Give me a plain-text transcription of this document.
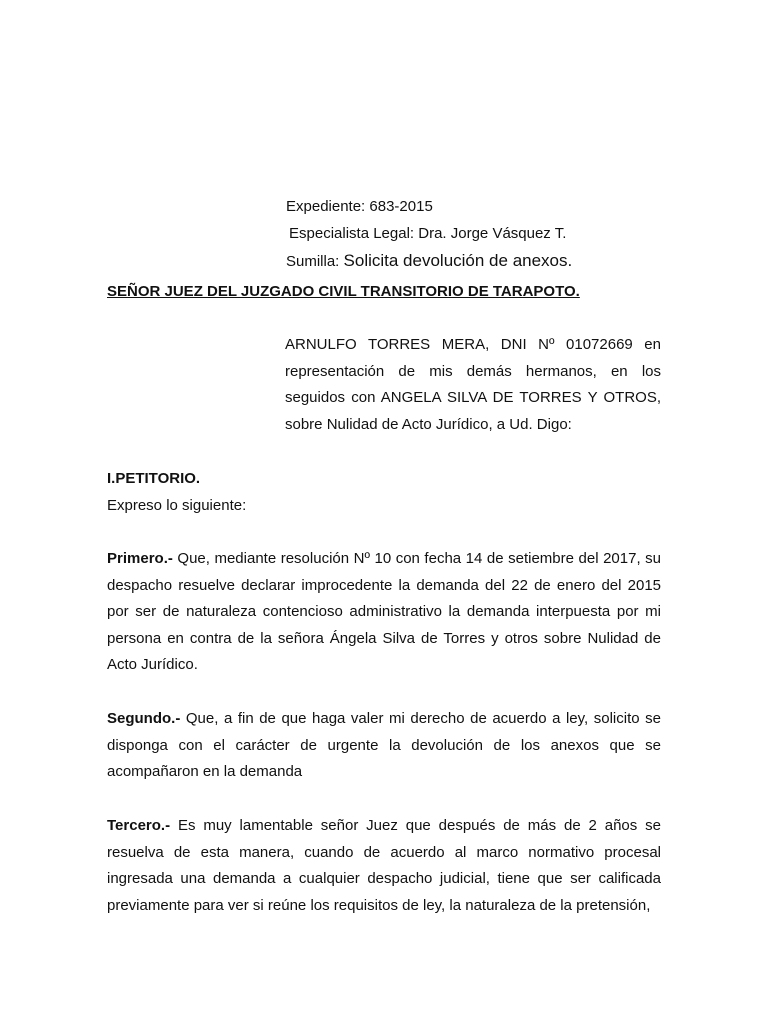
Expediente: 683-2015
Especialista Legal: Dra. Jorge Vásquez T.
Sumilla: Solicita devolución de anexos.
SEÑOR JUEZ DEL JUZGADO CIVIL TRANSITORIO DE TARAPOTO.
ARNULFO TORRES MERA, DNI Nº 01072669 en representación de mis demás hermanos, en los seguidos con ANGELA SILVA DE TORRES Y OTROS, sobre Nulidad de Acto Jurídico, a Ud. Digo:
I.PETITORIO.
Expreso lo siguiente:
Primero.- Que, mediante resolución Nº 10 con fecha 14 de setiembre del 2017, su despacho resuelve declarar improcedente la demanda del 22 de enero del 2015 por ser de naturaleza contencioso administrativo la demanda interpuesta por mi persona en contra de la señora Ángela Silva de Torres y otros sobre Nulidad de Acto Jurídico.
Segundo.- Que, a fin de que haga valer mi derecho de acuerdo a ley, solicito se disponga con el carácter de urgente la devolución de los anexos que se acompañaron en la demanda
Tercero.- Es muy lamentable señor Juez que después de más de 2 años se resuelva de esta manera, cuando de acuerdo al marco normativo procesal ingresada una demanda a cualquier despacho judicial, tiene que ser calificada previamente para ver si reúne los requisitos de ley, la naturaleza de la pretensión,
